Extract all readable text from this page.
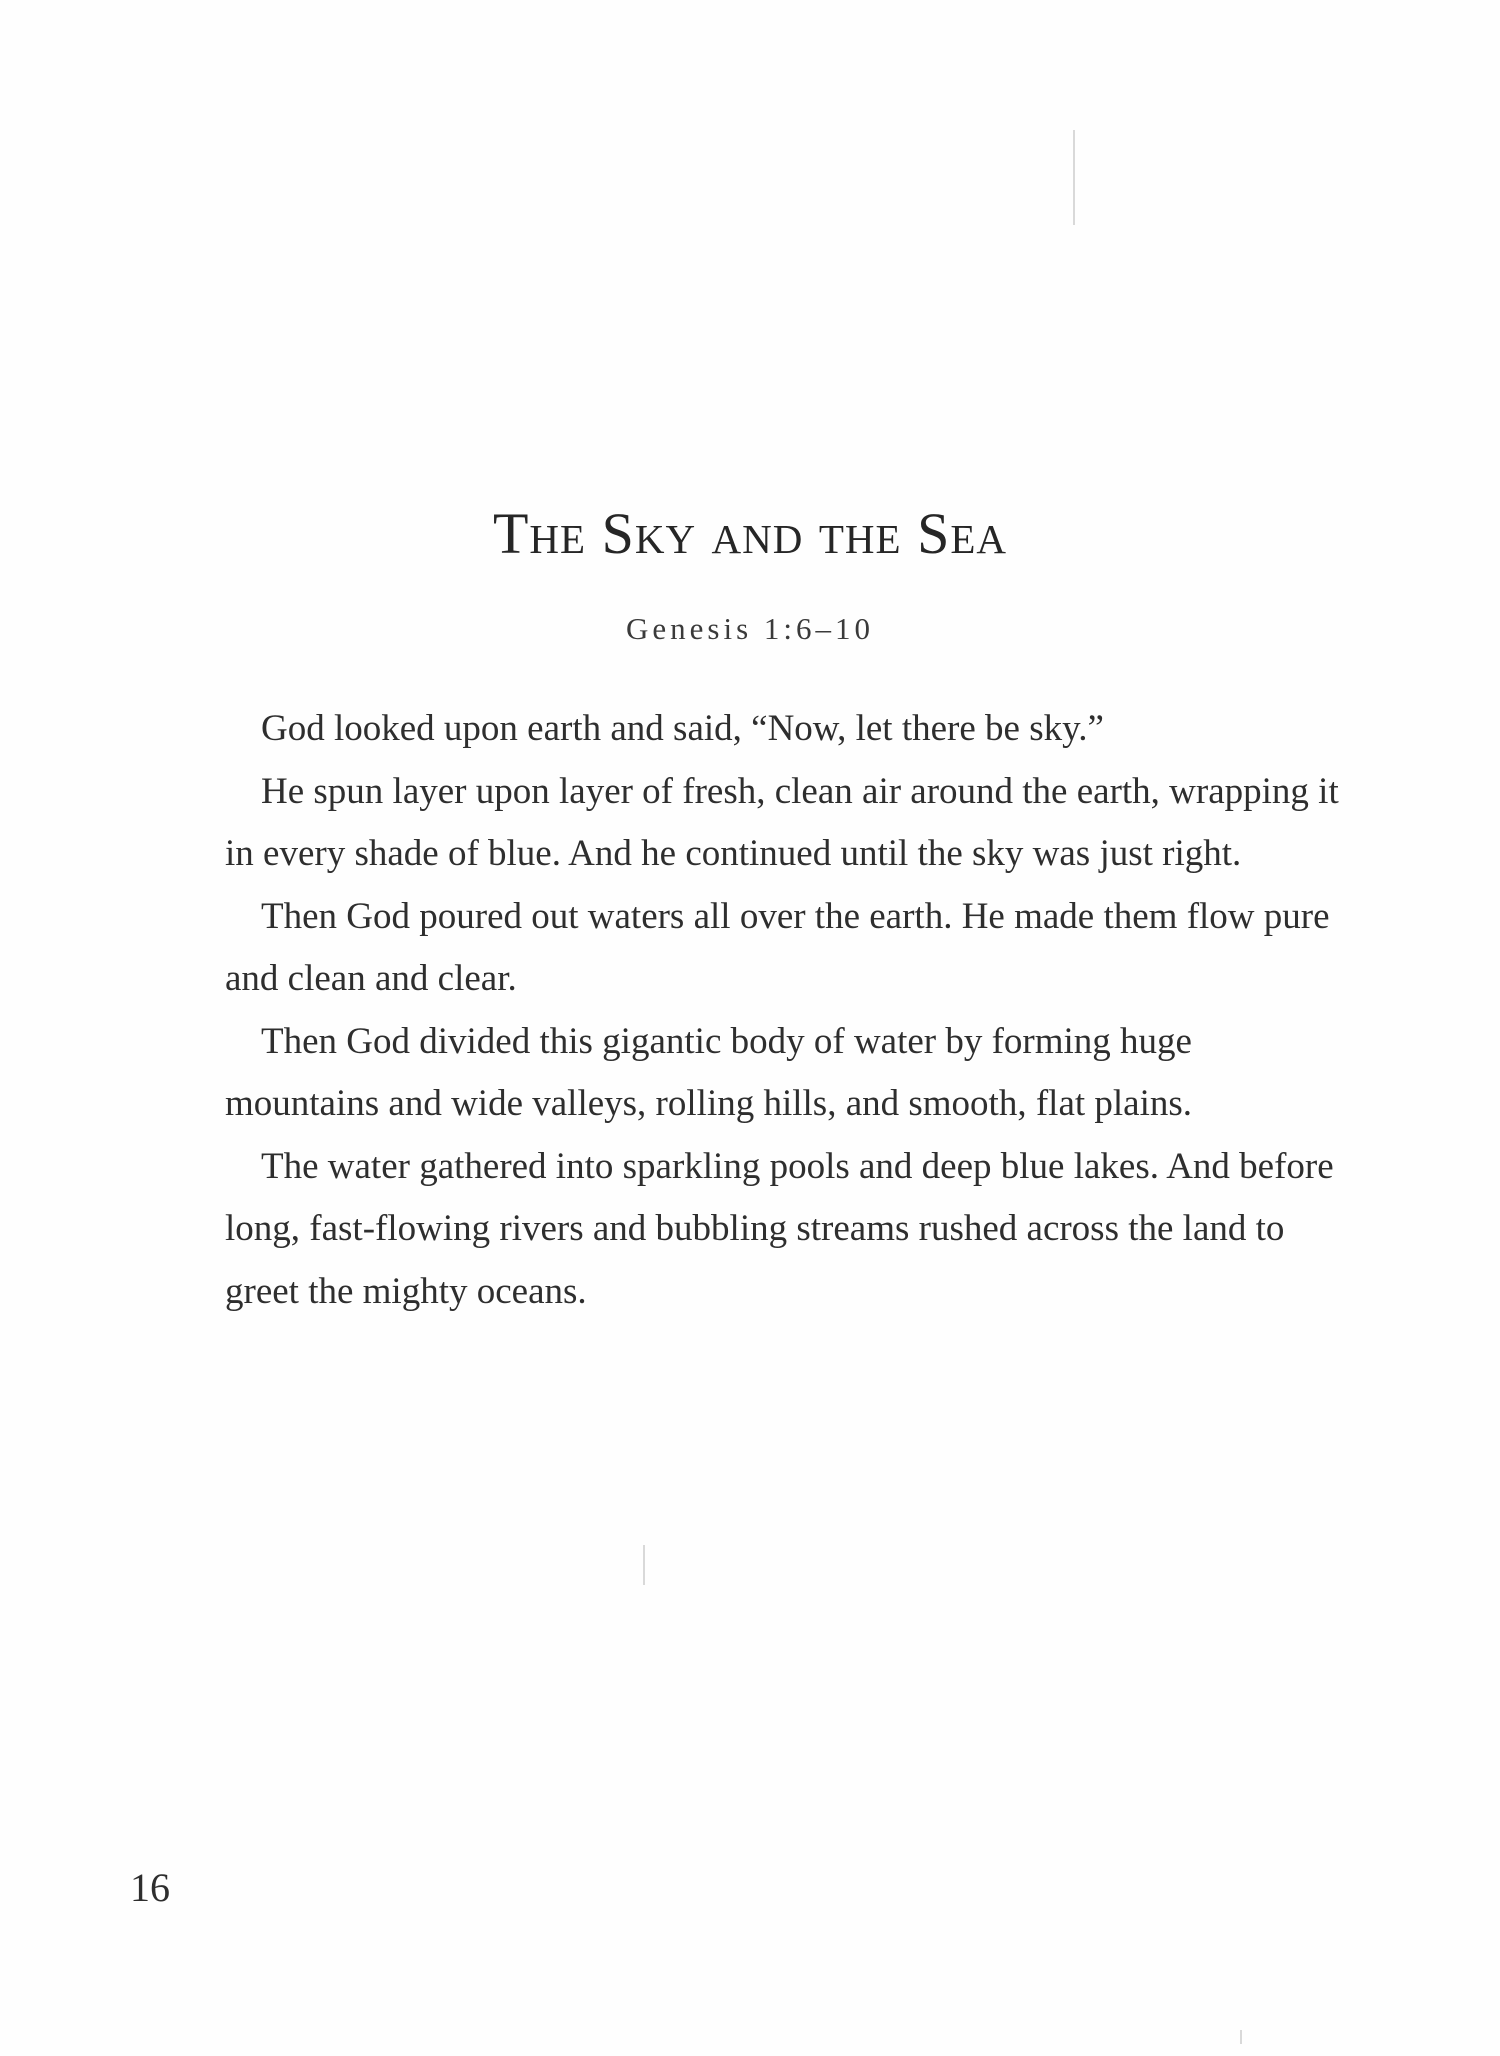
The Sky and the Sea
Genesis 1:6–10

God looked upon earth and said, “Now, let there be sky.”

He spun layer upon layer of fresh, clean air around the earth, wrapping it in every shade of blue. And he continued until the sky was just right.

Then God poured out waters all over the earth. He made them flow pure and clean and clear.

Then God divided this gigantic body of water by forming huge mountains and wide valleys, rolling hills, and smooth, flat plains.

The water gathered into sparkling pools and deep blue lakes. And before long, fast-flowing rivers and bubbling streams rushed across the land to greet the mighty oceans.

16
